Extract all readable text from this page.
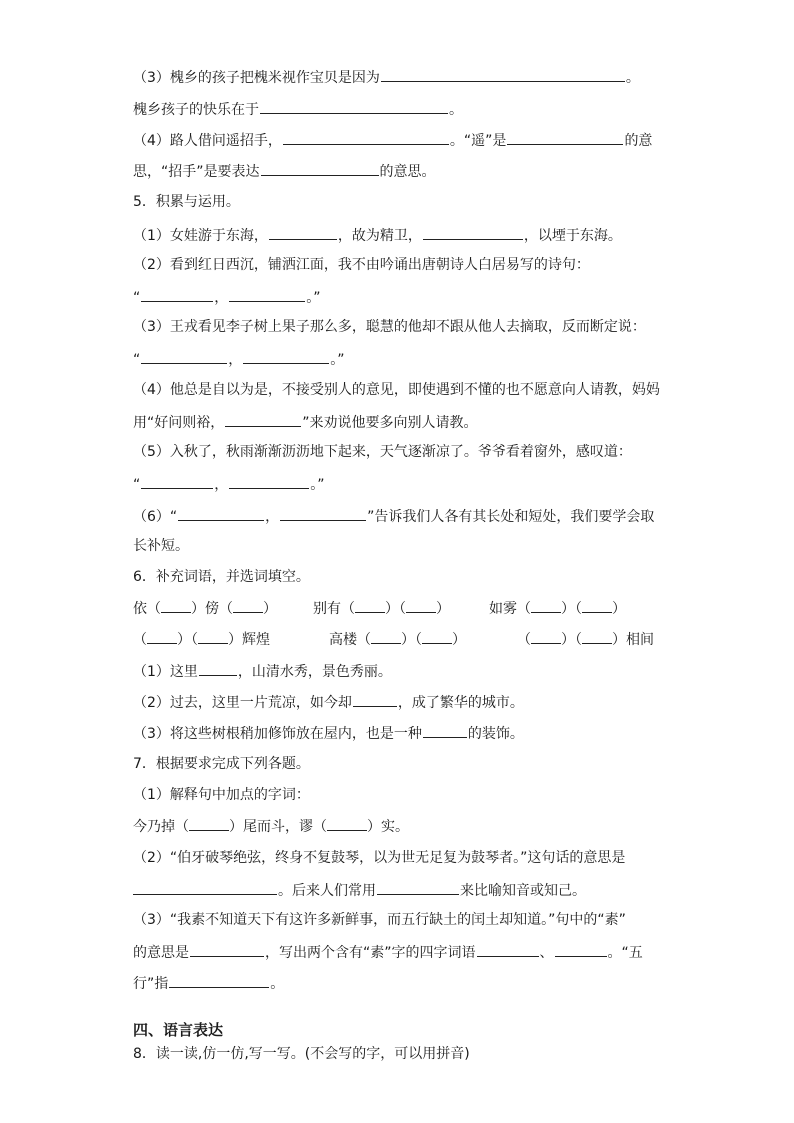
（3）槐乡的孩子把槐米视作宝贝是因为	。
槐乡孩子的快乐在于	。
（4）路人借问遥招手，	。“遥”是	的意
思，“招手”是要表达	的意思。
5．积累与运用。
（1）女娃游于东海，	，故为精卫，	，以堙于东海。
（2）看到红日西沉，铺洒江面，我不由吟诵出唐朝诗人白居易写的诗句：
“	，	。”
（3）王戎看见李子树上果子那么多，聪慧的他却不跟从他人去摘取，反而断定说：
“	，	。”
（4）他总是自以为是，不接受别人的意见，即使遇到不懂的也不愿意向人请教，妈妈
用“好问则裕，	”来劝说他要多向别人请教。
（5）入秋了，秋雨渐渐沥沥地下起来，天气逐渐凉了。爷爷看着窗外，感叹道：
“	，	。”
（6）“	，	”告诉我们人各有其长处和短处，我们要学会取
长补短。
6．补充词语，并选词填空。
依（ ）傍（ ）	别有（ ）（ ）	如雾（ ）（ ）
（ ）（ ）辉煌	高楼（ ）（ ）	（ ）（ ）相间
（1）这里	，山清水秀，景色秀丽。
（2）过去，这里一片荒凉，如今却	，成了繁华的城市。
（3）将这些树根稍加修饰放在屋内，也是一种	的装饰。
7．根据要求完成下列各题。
（1）解释句中加点的字词：
今乃掉（	）尾而斗，谬（	）实。
（2）“伯牙破琴绝弦，终身不复鼓琴，以为世无足复为鼓琴者。”这句话的意思是
。后来人们常用	来比喻知音或知己。
（3）“我素不知道天下有这许多新鲜事，而五行缺土的闰土却知道。”句中的“素”
的意思是	，写出两个含有“素”字的四字词语	、	。“五
行”指	。
四、语言表达
8．读一读,仿一仿,写一写。(不会写的字，可以用拼音)
